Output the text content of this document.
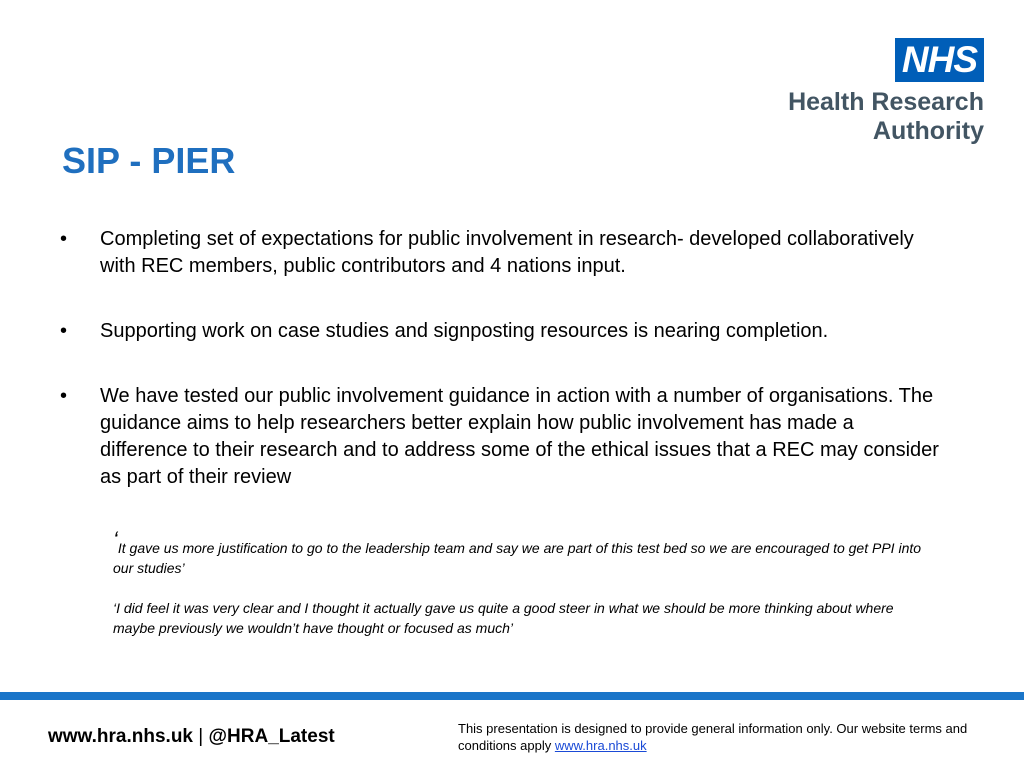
NHS
Health Research
Authority
SIP - PIER
• Completing set of expectations for public involvement in research- developed collaboratively with REC members, public contributors and 4 nations input.
• Supporting work on case studies and signposting resources is nearing completion.
• We have tested our public involvement guidance in action with a number of organisations. The guidance aims to help researchers better explain how public involvement has made a difference to their research and to address some of the ethical issues that a REC may consider as part of their review
‘It gave us more justification to go to the leadership team and say we are part of this test bed so we are encouraged to get PPI into our studies’
‘I did feel it was very clear and I thought it actually gave us quite a good steer in what we should be more thinking about where maybe previously we wouldn’t have thought or focused as much’
www.hra.nhs.uk | @HRA_Latest	This presentation is designed to provide general information only. Our website terms and conditions apply www.hra.nhs.uk
